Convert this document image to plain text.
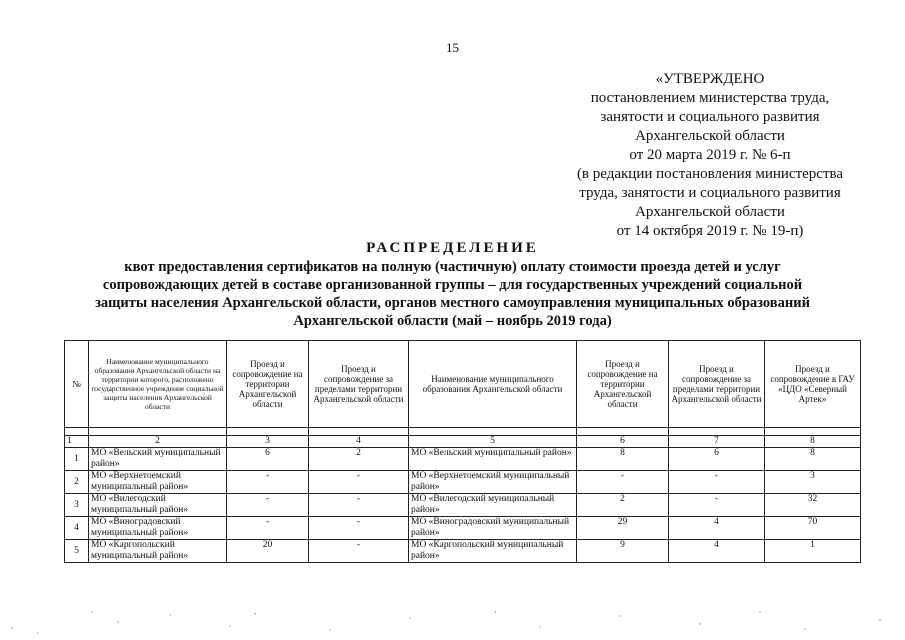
15
«УТВЕРЖДЕНО
постановлением министерства труда,
занятости и социального развития
Архангельской области
от 20 марта 2019 г. № 6-п
(в редакции постановления министерства
труда, занятости и социального развития
Архангельской области
от 14 октября 2019 г. № 19-п)
РАСПРЕДЕЛЕНИЕ
квот предоставления сертификатов на полную (частичную) оплату стоимости проезда детей и услуг
сопровождающих детей в составе организованной группы – для государственных учреждений социальной
защиты населения Архангельской области, органов местного самоуправления муниципальных образований
Архангельской области (май – ноябрь 2019 года)
№	Наименование муниципального образования Архангельской области на территории которого, расположено государственное учреждение социальной защиты населения Архангельской области	Проезд и сопровождение на территории Архангельской области	Проезд и сопровождение за пределами территории Архангельской области	Наименование муниципального образования Архангельской области	Проезд и сопровождение на территории Архангельской области	Проезд и сопровождение за пределами территории Архангельской области	Проезд и сопровождение в ГАУ «ЦДО «Северный Артек»

1	2	3	4	5	6	7	8
1	МО «Вельский муниципальный район»	6	2	МО «Вельский муниципальный район»	8	6	8
2	МО «Верхнетоемский муниципальный район»	-	-	МО «Верхнетоемский муниципальный район»	-	-	3
3	МО «Вилегодский муниципальный район»	-	-	МО «Вилегодский муниципальный район»	2	-	32
4	МО «Виноградовский муниципальный район»	-	-	МО «Виноградовский муниципальный район»	29	4	70
5	МО «Каргопольский муниципальный район»	20	-	МО «Каргопольский муниципальный район»	9	4	1
